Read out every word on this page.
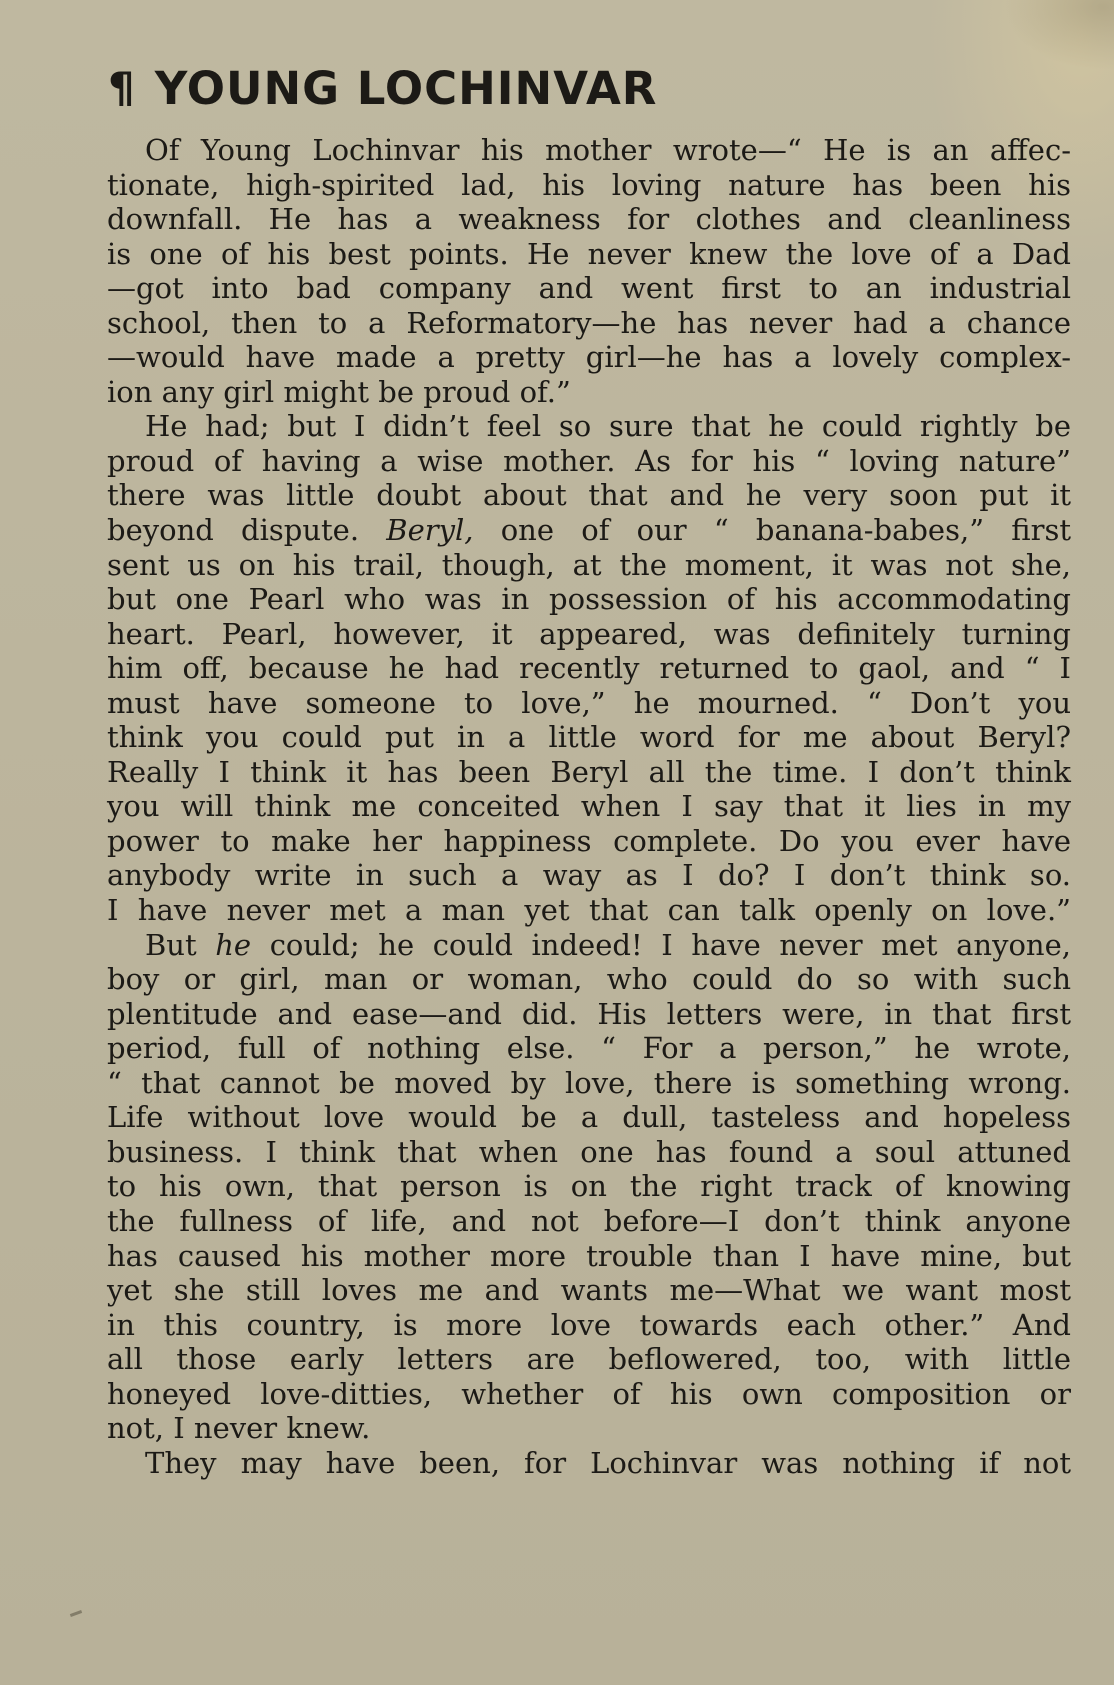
¶ YOUNG LOCHINVAR
Of Young Lochinvar his mother wrote—“ He is an affec-
tionate, high-spirited lad, his loving nature has been his
downfall. He has a weakness for clothes and cleanliness
is one of his best points. He never knew the love of a Dad
—got into bad company and went first to an industrial
school, then to a Reformatory—he has never had a chance
—would have made a pretty girl—he has a lovely complex-
ion any girl might be proud of.”
He had; but I didn’t feel so sure that he could rightly be
proud of having a wise mother. As for his “ loving nature”
there was little doubt about that and he very soon put it
beyond dispute. Beryl, one of our “ banana-babes,” first
sent us on his trail, though, at the moment, it was not she,
but one Pearl who was in possession of his accommodating
heart. Pearl, however, it appeared, was definitely turning
him off, because he had recently returned to gaol, and “ I
must have someone to love,” he mourned. “ Don’t you
think you could put in a little word for me about Beryl?
Really I think it has been Beryl all the time. I don’t think
you will think me conceited when I say that it lies in my
power to make her happiness complete. Do you ever have
anybody write in such a way as I do? I don’t think so.
I have never met a man yet that can talk openly on love.”
But he could; he could indeed! I have never met anyone,
boy or girl, man or woman, who could do so with such
plentitude and ease—and did. His letters were, in that first
period, full of nothing else. “ For a person,” he wrote,
“ that cannot be moved by love, there is something wrong.
Life without love would be a dull, tasteless and hopeless
business. I think that when one has found a soul attuned
to his own, that person is on the right track of knowing
the fullness of life, and not before—I don’t think anyone
has caused his mother more trouble than I have mine, but
yet she still loves me and wants me—What we want most
in this country, is more love towards each other.” And
all those early letters are beflowered, too, with little
honeyed love-ditties, whether of his own composition or
not, I never knew.
They may have been, for Lochinvar was nothing if not
